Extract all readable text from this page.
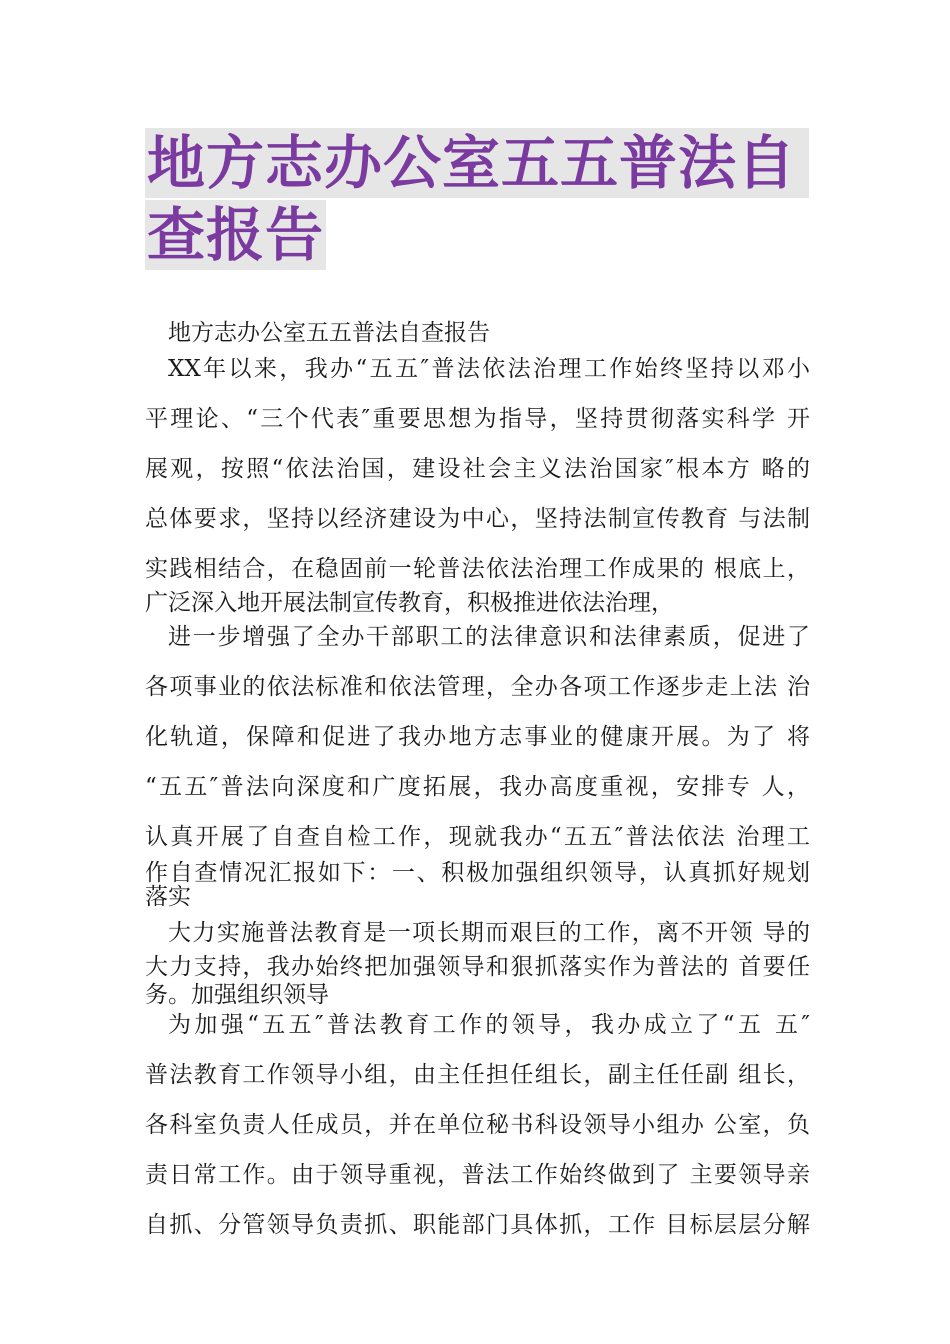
地方志办公室五五普法自
查报告
地方志办公室五五普法自查报告
XX年以来，我办“五五″普法依法治理工作始终坚持以邓小
平理论、“三个代表″重要思想为指导，坚持贯彻落实科学 开
展观，按照“依法治国，建设社会主义法治国家″根本方 略的
总体要求，坚持以经济建设为中心，坚持法制宣传教育 与法制
实践相结合，在稳固前一轮普法依法治理工作成果的 根底上，
广泛深入地开展法制宣传教育，积极推进依法治理，
进一步增强了全办干部职工的法律意识和法律素质，促进了
各项事业的依法标准和依法管理，全办各项工作逐步走上法 治
化轨道，保障和促进了我办地方志事业的健康开展。为了 将
“五五″普法向深度和广度拓展，我办高度重视，安排专 人，
认真开展了自查自检工作，现就我办“五五″普法依法 治理工
作自查情况汇报如下：一、积极加强组织领导，认真抓好规划
落实
大力实施普法教育是一项长期而艰巨的工作，离不开领 导的
大力支持，我办始终把加强领导和狠抓落实作为普法的 首要任
务。加强组织领导
为加强“五五″普法教育工作的领导，我办成立了“五 五″
普法教育工作领导小组，由主任担任组长，副主任任副 组长，
各科室负责人任成员，并在单位秘书科设领导小组办 公室，负
责日常工作。由于领导重视，普法工作始终做到了 主要领导亲
自抓、分管领导负责抓、职能部门具体抓，工作 目标层层分解
